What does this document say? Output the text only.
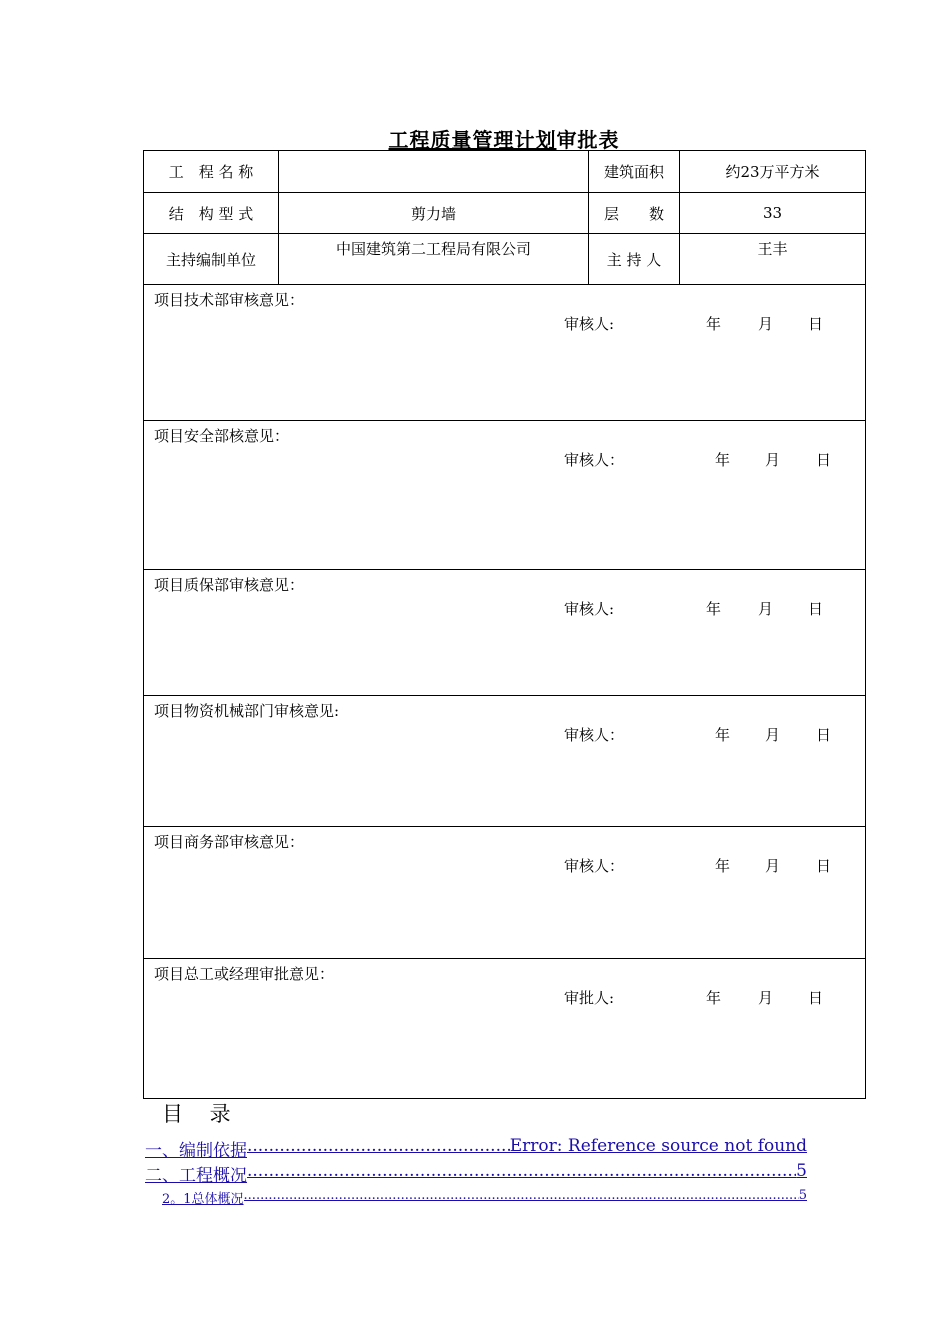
工程质量管理计划审批表
工　程 名 称		建筑面积	约23万平方米
结　构 型 式	剪力墙	层　　数	33
主持编制单位	中国建筑第二工程局有限公司	主 持 人	王丰

项目技术部审核意见：
审核人: 年 月 日			

项目安全部核意见：
审核人： 年 月 日			

项目质保部审核意见：
审核人: 年 月 日			

项目物资机械部门审核意见:
审核人： 年 月 日			

项目商务部审核意见：
审核人： 年 月 日			

项目总工或经理审批意见：
审批人: 年 月 日			
目 录
一、编制依据 .....	Error: Reference source not found
二、工程概况 .....	5
2。1总体概况 .....	5
